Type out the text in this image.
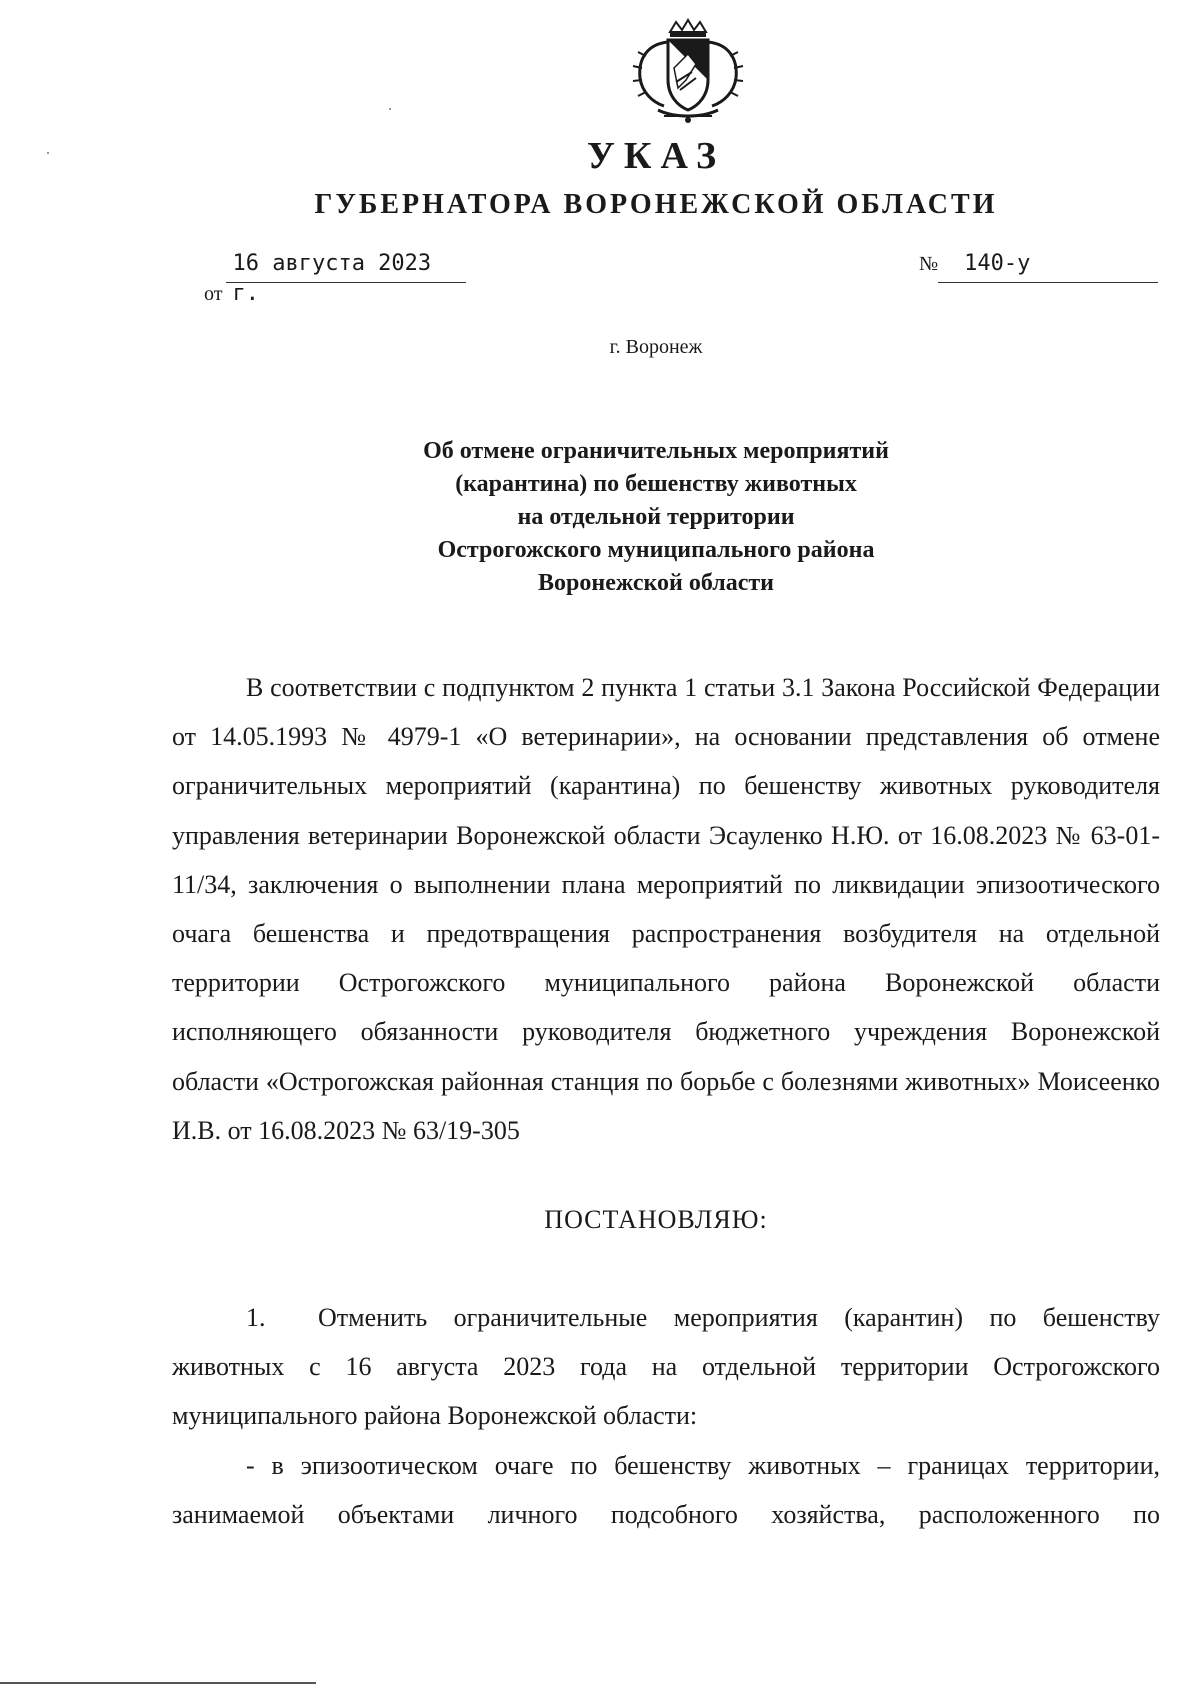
УКАЗ
ГУБЕРНАТОРА ВОРОНЕЖСКОЙ ОБЛАСТИ
от16 августа 2023 г.
№ 140-у
г. Воронеж
Об отмене ограничительных мероприятий
(карантина) по бешенству животных
на отдельной территории
Острогожского муниципального района
Воронежской области
В соответствии с подпунктом 2 пункта 1 статьи 3.1 Закона Российской Федерации от 14.05.1993 № 4979-1 «О ветеринарии», на основании представления об отмене ограничительных мероприятий (карантина) по бешенству животных руководителя управления ветеринарии Воронежской области Эсауленко Н.Ю. от 16.08.2023 № 63-01-11/34, заключения о выполнении плана мероприятий по ликвидации эпизоотического очага бешенства и предотвращения распространения возбудителя на отдельной территории Острогожского муниципального района Воронежской области исполняющего обязанности руководителя бюджетного учреждения Воронежской области «Острогожская районная станция по борьбе с болезнями животных» Моисеенко И.В. от 16.08.2023 № 63/19-305
ПОСТАНОВЛЯЮ:
1. Отменить ограничительные мероприятия (карантин) по бешенству животных с 16 августа 2023 года на отдельной территории Острогожского муниципального района Воронежской области:
- в эпизоотическом очаге по бешенству животных – границах территории, занимаемой объектами личного подсобного хозяйства, расположенного по
